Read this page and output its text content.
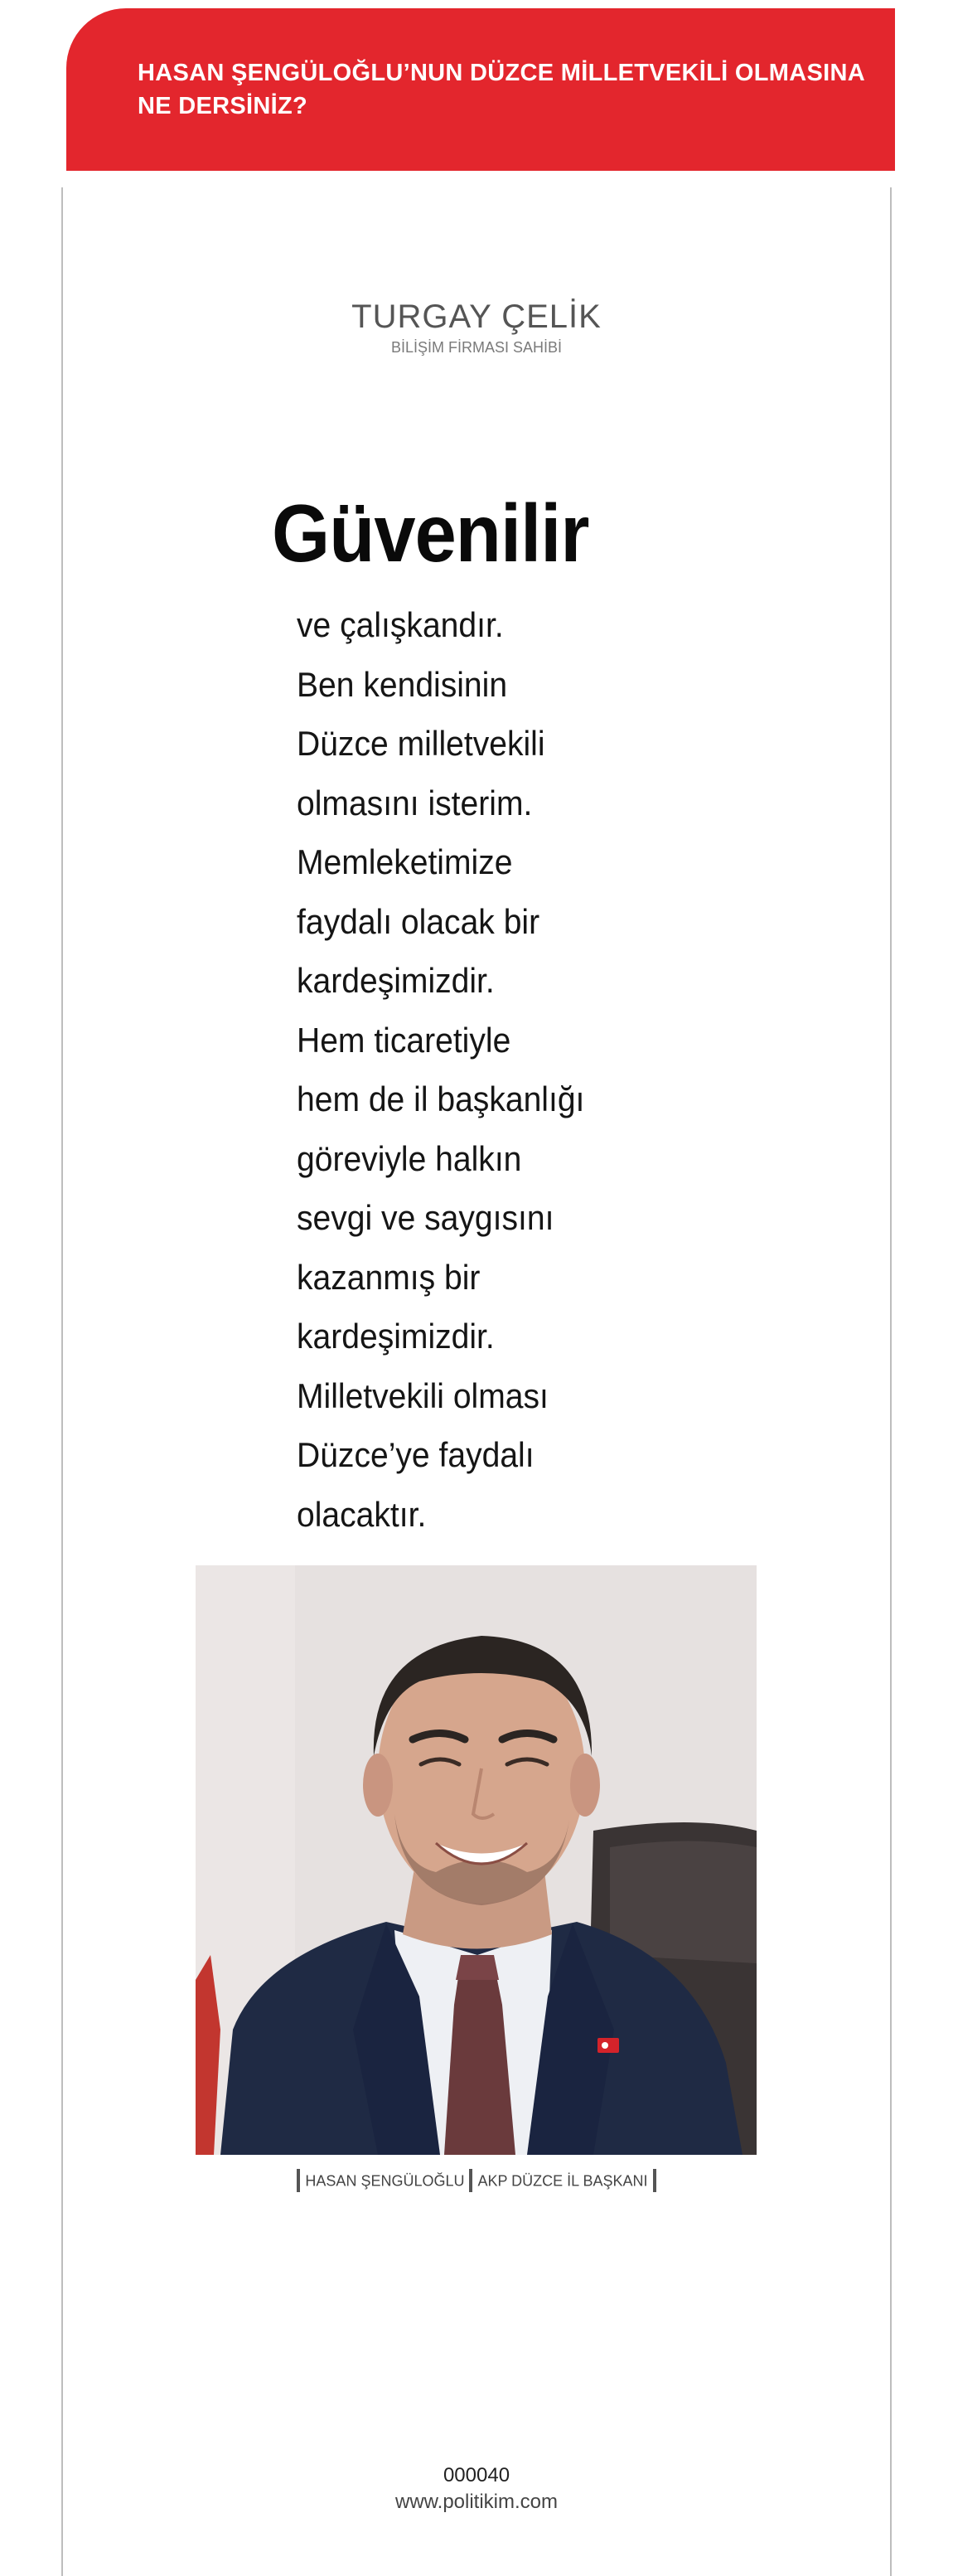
HASAN ŞENGÜLOĞLU’NUN DÜZCE MİLLETVEKİLİ OLMASINA NE DERSİNİZ?
TURGAY ÇELİK
BİLİŞİM FİRMASI SAHİBİ
Güvenilir
ve çalışkandır.
Ben kendisinin
Düzce milletvekili
olmasını isterim.
Memleketimize
faydalı olacak bir
kardeşimizdir.
Hem ticaretiyle
hem de il başkanlığı
göreviyle halkın
sevgi ve saygısını
kazanmış bir
kardeşimizdir.
Milletvekili olması
Düzce’ye faydalı
olacaktır.
HASAN ŞENGÜLOĞLU AKP DÜZCE İL BAŞKANI
000040
www.politikim.com
